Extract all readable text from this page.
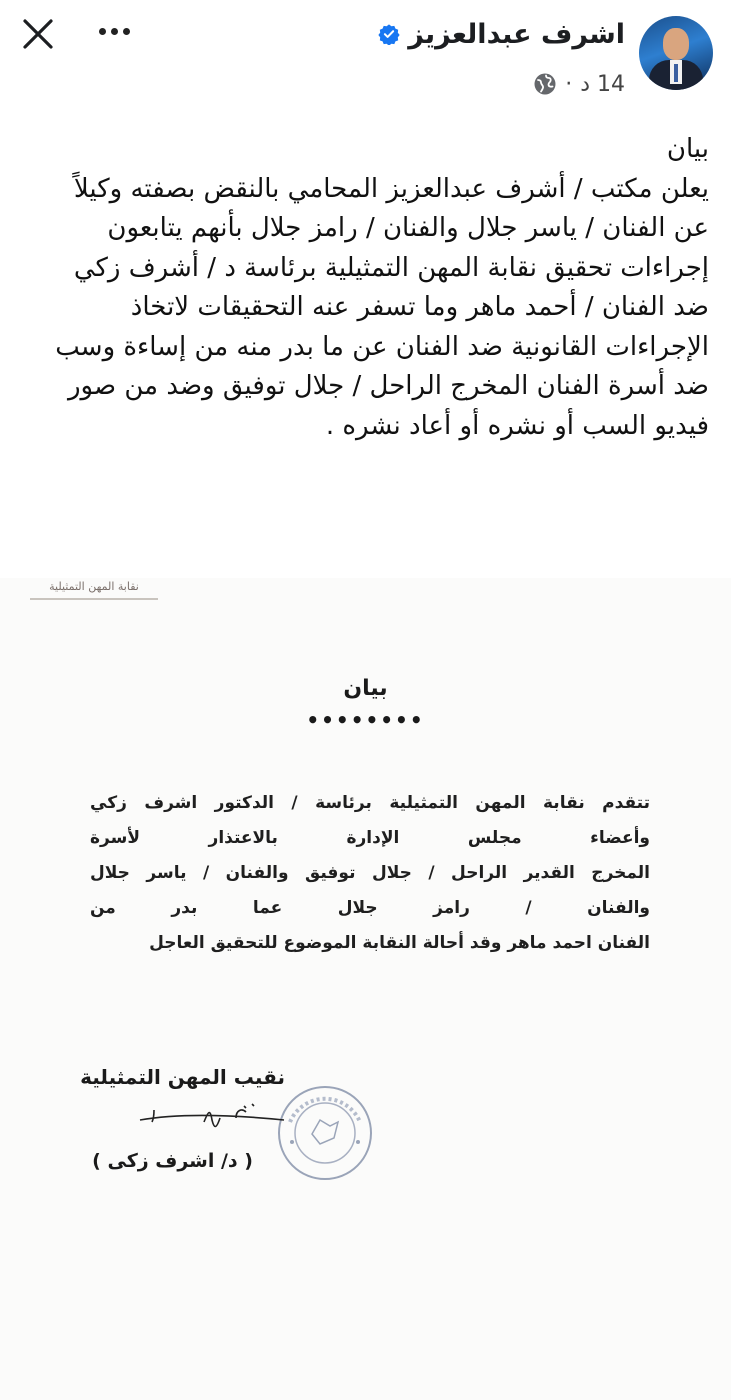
اشرف عبدالعزيز
14 د
·

بيان

يعلن مكتب / أشرف عبدالعزيز المحامي بالنقض بصفته وكيلاً

عن الفنان / ياسر جلال والفنان / رامز جلال بأنهم يتابعون

إجراءات تحقيق نقابة المهن التمثيلية برئاسة د / أشرف زكي

ضد الفنان / أحمد ماهر وما تسفر عنه التحقيقات لاتخاذ

الإجراءات القانونية ضد الفنان عن ما بدر منه من إساءة وسب

ضد أسرة الفنان المخرج الراحل / جلال توفيق وضد من صور

فيديو السب أو نشره أو أعاد نشره .

نقابة المهن التمثيلية
بيان
••••••••

تتقدم نقابة المهن التمثيلية برئاسة / الدكتور اشرف زكي

وأعضاء مجلس الإدارة بالاعتذار لأسرة

المخرج القدير الراحل / جلال توفيق والفنان / ياسر جلال

والفنان / رامز جلال عما بدر من

الفنان احمد ماهر وقد أحالة النقابة الموضوع للتحقيق العاجل

نقيب المهن التمثيلية
( د/ اشرف زكى )
